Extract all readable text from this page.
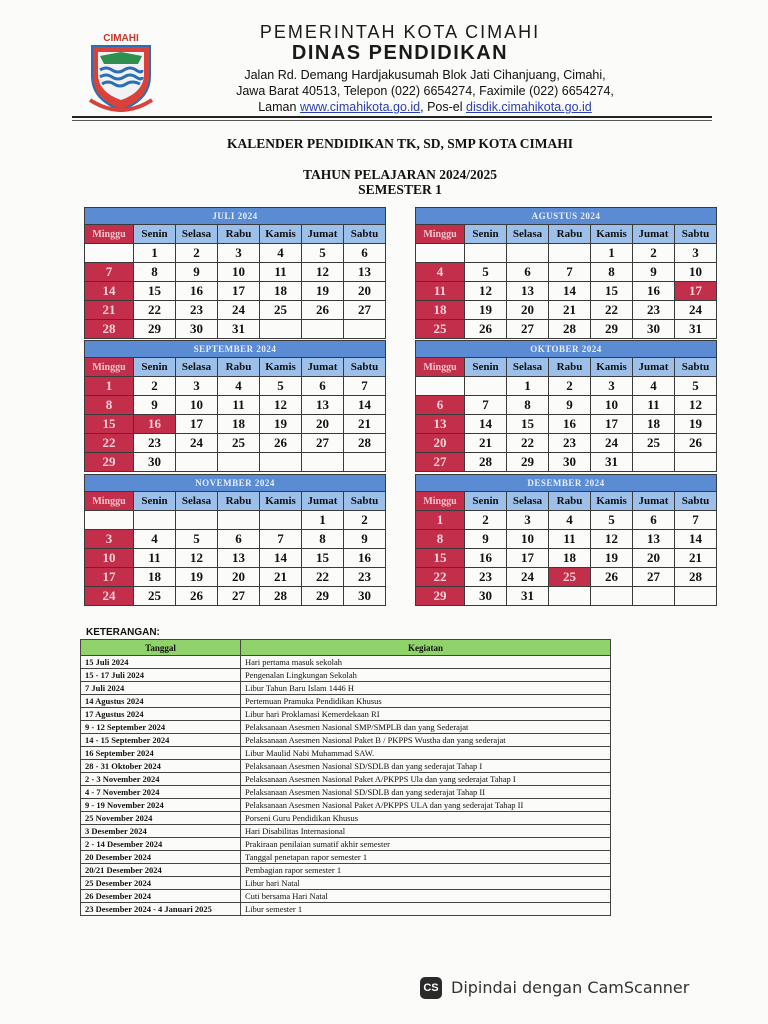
CIMAHI	PEMERINTAH KOTA CIMAHI
DINAS PENDIDIKAN
Jalan Rd. Demang Hardjakusumah Blok Jati Cihanjuang, Cimahi,
Jawa Barat 40513, Telepon (022) 6654274, Faximile (022) 6654274,
Laman www.cimahikota.go.id, Pos-el disdik.cimahikota.go.id
KALENDER PENDIDIKAN TK, SD, SMP KOTA CIMAHI
TAHUN PELAJARAN 2024/2025
SEMESTER 1
JULI 2024						
Minggu	Senin	Selasa	Rabu	Kamis	Jumat	Sabtu
	1	2	3	4	5	6
7	8	9	10	11	12	13
14	15	16	17	18	19	20
21	22	23	24	25	26	27
28	29	30	31			
AGUSTUS 2024						
Minggu	Senin	Selasa	Rabu	Kamis	Jumat	Sabtu
				1	2	3
4	5	6	7	8	9	10
11	12	13	14	15	16	17
18	19	20	21	22	23	24
25	26	27	28	29	30	31
SEPTEMBER 2024						
Minggu	Senin	Selasa	Rabu	Kamis	Jumat	Sabtu
1	2	3	4	5	6	7
8	9	10	11	12	13	14
15	16	17	18	19	20	21
22	23	24	25	26	27	28
29	30					
OKTOBER 2024						
Minggu	Senin	Selasa	Rabu	Kamis	Jumat	Sabtu
		1	2	3	4	5
6	7	8	9	10	11	12
13	14	15	16	17	18	19
20	21	22	23	24	25	26
27	28	29	30	31		
NOVEMBER 2024						
Minggu	Senin	Selasa	Rabu	Kamis	Jumat	Sabtu
					1	2
3	4	5	6	7	8	9
10	11	12	13	14	15	16
17	18	19	20	21	22	23
24	25	26	27	28	29	30
DESEMBER 2024						
Minggu	Senin	Selasa	Rabu	Kamis	Jumat	Sabtu
1	2	3	4	5	6	7
8	9	10	11	12	13	14
15	16	17	18	19	20	21
22	23	24	25	26	27	28
29	30	31				
KETERANGAN:
Tanggal	Kegiatan
15 Juli 2024	Hari pertama masuk sekolah
15 - 17 Juli 2024	Pengenalan Lingkungan Sekolah
7 Juli 2024	Libur Tahun Baru Islam 1446 H
14 Agustus 2024	Pertemuan Pramuka Pendidikan Khusus
17 Agustus 2024	Libur hari Proklamasi Kemerdekaan RI
9 - 12 September 2024	Pelaksanaan Asesmen Nasional SMP/SMPLB dan yang Sederajat
14 - 15 September 2024	Pelaksanaan Asesmen Nasional Paket B / PKPPS Wustha dan yang sederajat
16 September 2024	Libur Maulid Nabi Muhammad SAW.
28 - 31 Oktober 2024	Pelaksanaan Asesmen Nasional SD/SDLB dan yang sederajat Tahap I
2 - 3 November 2024	Pelaksanaan Asesmen Nasional Paket A/PKPPS Ula dan yang sederajat Tahap I
4 - 7 November 2024	Pelaksanaan Asesmen Nasional SD/SDLB dan yang sederajat Tahap II
9 - 19 November 2024	Pelaksanaan Asesmen Nasional Paket A/PKPPS ULA dan yang sederajat Tahap II
25 November 2024	Porseni Guru Pendidikan Khusus
3 Desember 2024	Hari Disabilitas Internasional
2 - 14 Desember 2024	Prakiraan penilaian sumatif akhir semester
20 Desember 2024	Tanggal penetapan rapor semester 1
20/21 Desember 2024	Pembagian rapor semester 1
25 Desember 2024	Libur hari Natal
26 Desember 2024	Cuti bersama Hari Natal
23 Desember 2024 - 4 Januari 2025	Libur semester 1
CS Dipindai dengan CamScanner
